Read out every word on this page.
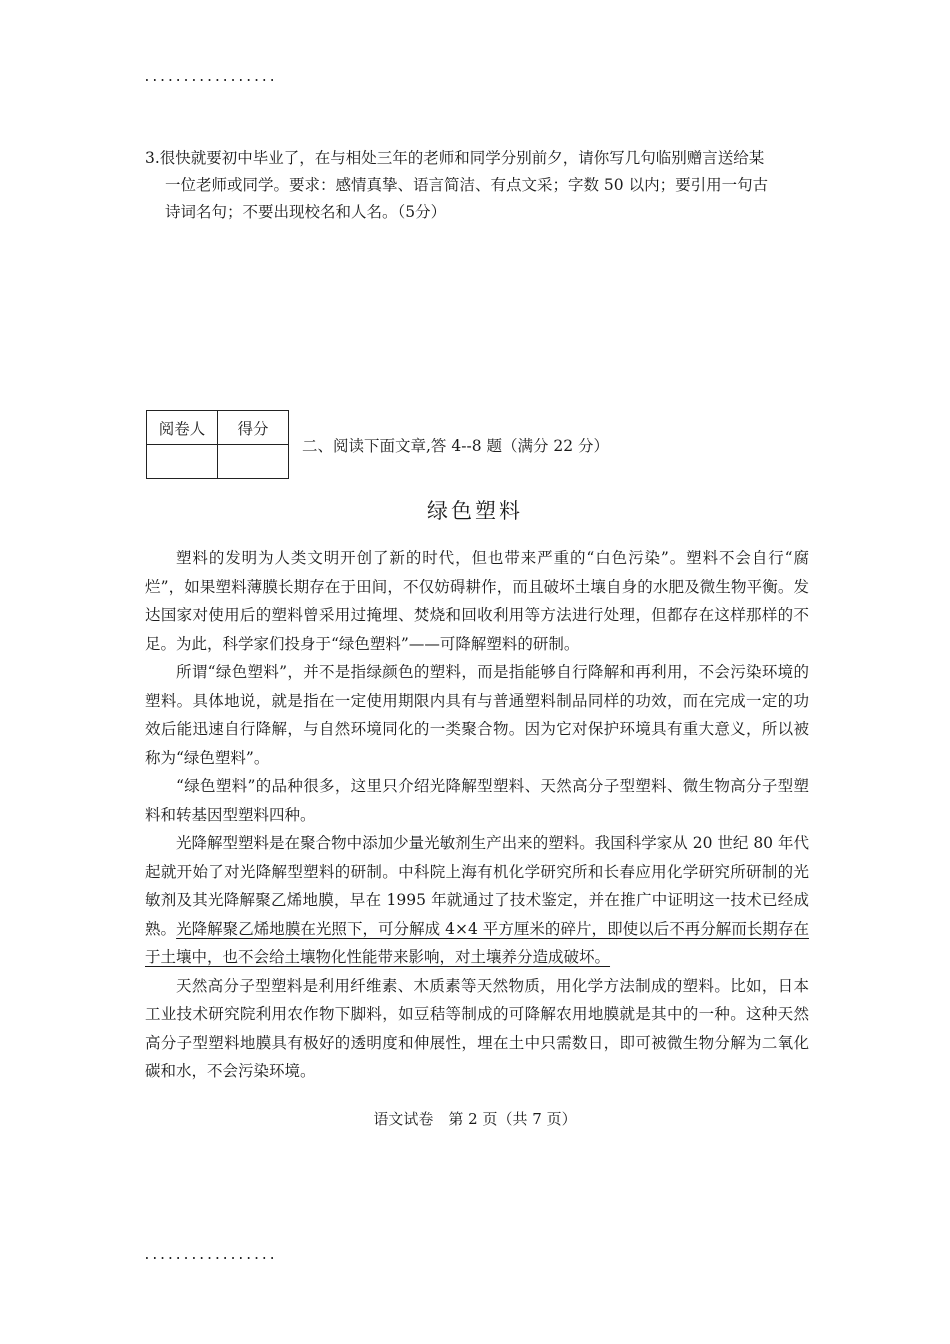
.................

3.很快就要初中毕业了，在与相处三年的老师和同学分别前夕，请你写几句临别赠言送给某

一位老师或同学。要求：感情真挚、语言简洁、有点文采；字数 50 以内；要引用一句古

诗词名句；不要出现校名和人名。（5分）

阅卷人	得分

二、阅读下面文章,答 4--8 题（满分 22 分）
绿色塑料

塑料的发明为人类文明开创了新的时代，但也带来严重的“白色污染”。塑料不会自行“腐烂”，如果塑料薄膜长期存在于田间，不仅妨碍耕作，而且破坏土壤自身的水肥及微生物平衡。发达国家对使用后的塑料曾采用过掩埋、焚烧和回收利用等方法进行处理，但都存在这样那样的不足。为此，科学家们投身于“绿色塑料”——可降解塑料的研制。

所谓“绿色塑料”，并不是指绿颜色的塑料，而是指能够自行降解和再利用，不会污染环境的塑料。具体地说，就是指在一定使用期限内具有与普通塑料制品同样的功效，而在完成一定的功效后能迅速自行降解，与自然环境同化的一类聚合物。因为它对保护环境具有重大意义，所以被称为“绿色塑料”。

“绿色塑料”的品种很多，这里只介绍光降解型塑料、天然高分子型塑料、微生物高分子型塑料和转基因型塑料四种。

光降解型塑料是在聚合物中添加少量光敏剂生产出来的塑料。我国科学家从 20 世纪 80 年代起就开始了对光降解型塑料的研制。中科院上海有机化学研究所和长春应用化学研究所研制的光敏剂及其光降解聚乙烯地膜，早在 1995 年就通过了技术鉴定，并在推广中证明这一技术已经成熟。光降解聚乙烯地膜在光照下，可分解成 4×4 平方厘米的碎片，即使以后不再分解而长期存在于土壤中，也不会给土壤物化性能带来影响，对土壤养分造成破坏。

天然高分子型塑料是利用纤维素、木质素等天然物质，用化学方法制成的塑料。比如，日本工业技术研究院利用农作物下脚料，如豆秸等制成的可降解农用地膜就是其中的一种。这种天然高分子型塑料地膜具有极好的透明度和伸展性，埋在土中只需数日，即可被微生物分解为二氧化碳和水，不会污染环境。

语文试卷　第 2 页（共 7 页）
.................
